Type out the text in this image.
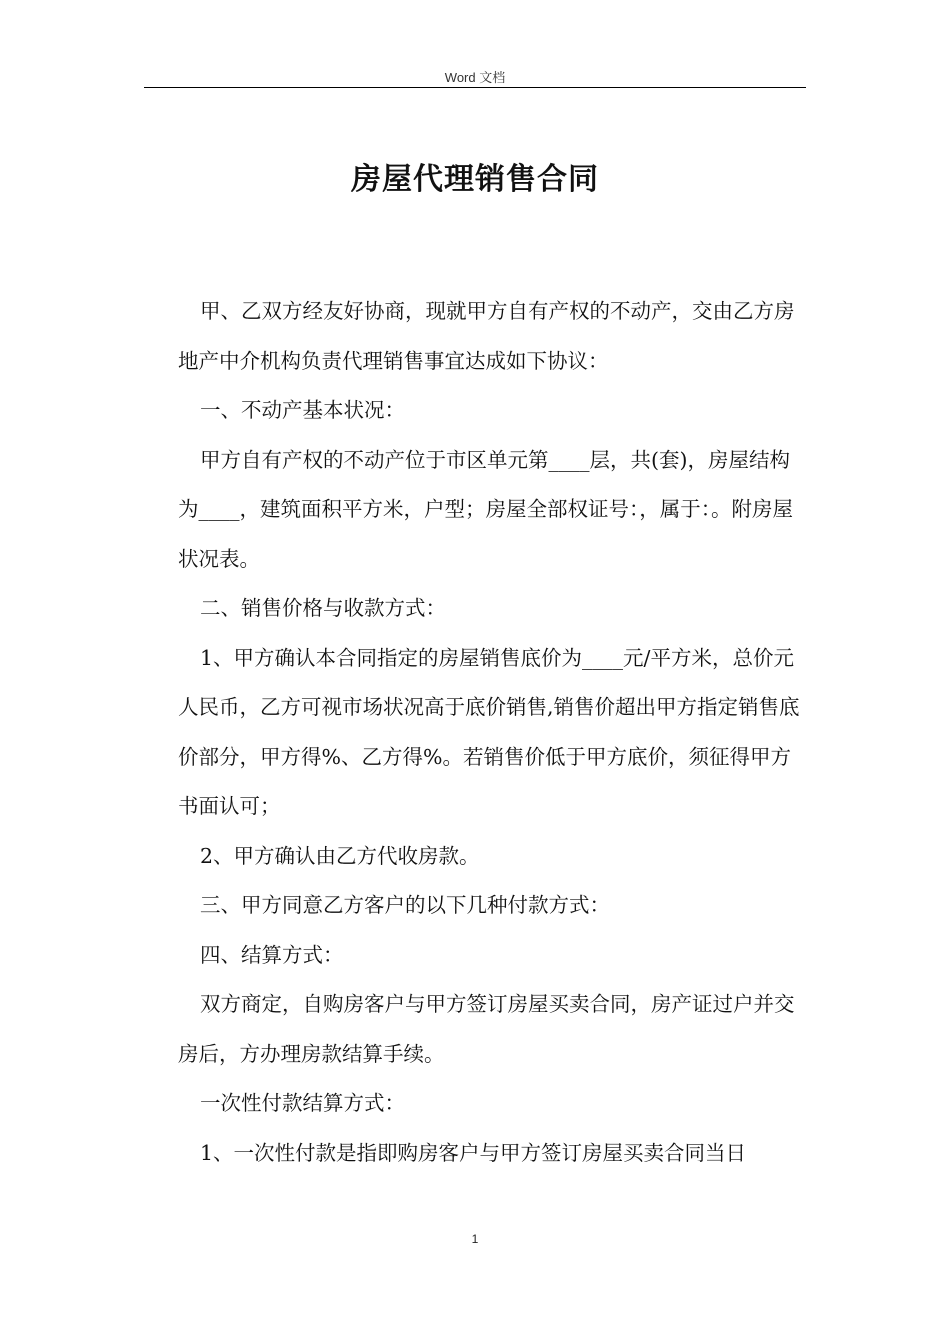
Word 文档
房屋代理销售合同

甲、乙双方经友好协商，现就甲方自有产权的不动产，交由乙方房地产中介机构负责代理销售事宜达成如下协议：

一、不动产基本状况：

甲方自有产权的不动产位于市区单元第____层，共(套)，房屋结构为____，建筑面积平方米，户型；房屋全部权证号：，属于：。附房屋状况表。

二、销售价格与收款方式：

1、甲方确认本合同指定的房屋销售底价为____元/平方米，总价元人民币，乙方可视市场状况高于底价销售,销售价超出甲方指定销售底价部分，甲方得%、乙方得%。若销售价低于甲方底价，须征得甲方书面认可；

2、甲方确认由乙方代收房款。

三、甲方同意乙方客户的以下几种付款方式：

四、结算方式：

双方商定，自购房客户与甲方签订房屋买卖合同，房产证过户并交房后，方办理房款结算手续。

一次性付款结算方式：

1、一次性付款是指即购房客户与甲方签订房屋买卖合同当日

1
